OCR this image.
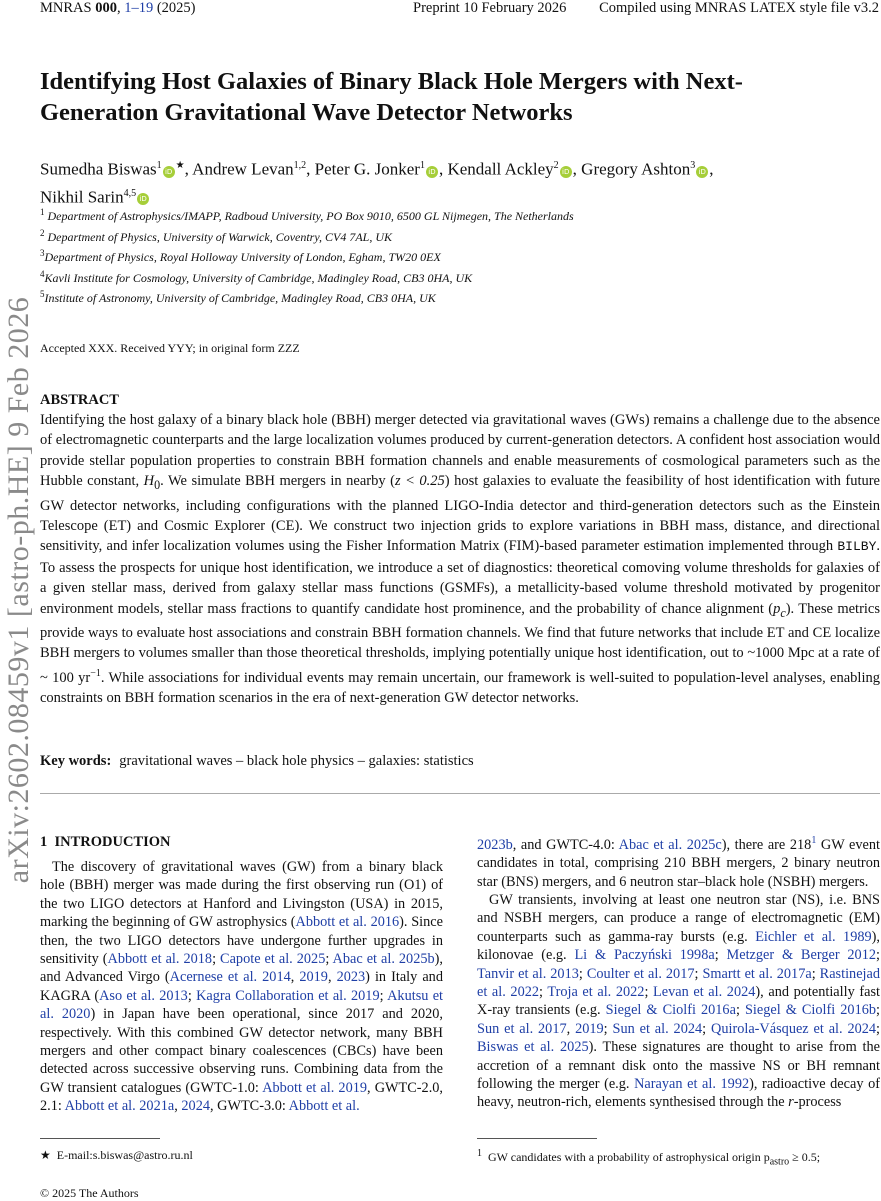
MNRAS 000, 1–19 (2025)	Preprint 10 February 2026 Compiled using MNRAS LATEX style file v3.2
arXiv:2602.08459v1 [astro-ph.HE] 9 Feb 2026
Identifying Host Galaxies of Binary Black Hole Mergers with Next-Generation Gravitational Wave Detector Networks
Sumedha Biswas$^1$iD★, Andrew Levan$^{1,2}$, Peter G. Jonker$^1$iD , Kendall Ackley$^2$iD , Gregory Ashton$^3$iD ,
Nikhil Sarin$^{4,5}$iD
$^1$ Department of Astrophysics/IMAPP, Radboud University, PO Box 9010, 6500 GL Nijmegen, The Netherlands
$^2$ Department of Physics, University of Warwick, Coventry, CV4 7AL, UK
$^3$Department of Physics, Royal Holloway University of London, Egham, TW20 0EX
$^4$Kavli Institute for Cosmology, University of Cambridge, Madingley Road, CB3 0HA, UK
$^5$Institute of Astronomy, University of Cambridge, Madingley Road, CB3 0HA, UK
Accepted XXX. Received YYY; in original form ZZZ
ABSTRACT

Identifying the host galaxy of a binary black hole (BBH) merger detected via gravitational waves (GWs) remains a challenge due to the absence of electromagnetic counterparts and the large localization volumes produced by current-generation detectors. A confident host association would provide stellar population properties to constrain BBH formation channels and enable measurements of cosmological parameters such as the Hubble constant, $H_0$. We simulate BBH mergers in nearby (z < 0.25) host galaxies to evaluate the feasibility of host identification with future GW detector networks, including configurations with the planned LIGO-India detector and third-generation detectors such as the Einstein Telescope (ET) and Cosmic Explorer (CE). We construct two injection grids to explore variations in BBH mass, distance, and directional sensitivity, and infer localization volumes using the Fisher Information Matrix (FIM)-based parameter estimation implemented through BILBY. To assess the prospects for unique host identification, we introduce a set of diagnostics: theoretical comoving volume thresholds for galaxies of a given stellar mass, derived from galaxy stellar mass functions (GSMFs), a metallicity-based volume threshold motivated by progenitor environment models, stellar mass fractions to quantify candidate host prominence, and the probability of chance alignment $(p_c)$. These metrics provide ways to evaluate host associations and constrain BBH formation channels. We find that future networks that include ET and CE localize BBH mergers to volumes smaller than those theoretical thresholds, implying potentially unique host identification, out to ~1000 Mpc at a rate of ~ 100 $yr^{-1}$. While associations for individual events may remain uncertain, our framework is well-suited to population-level analyses, enabling constraints on BBH formation scenarios in the era of next-generation GW detector networks.

Key words: gravitational waves – black hole physics – galaxies: statistics
1 INTRODUCTION

The discovery of gravitational waves (GW) from a binary black hole (BBH) merger was made during the first observing run (O1) of the two LIGO detectors at Hanford and Livingston (USA) in 2015, marking the beginning of GW astrophysics (Abbott et al. 2016). Since then, the two LIGO detectors have undergone further upgrades in sensitivity (Abbott et al. 2018; Capote et al. 2025; Abac et al. 2025b), and Advanced Virgo (Acernese et al. 2014, 2019, 2023) in Italy and KAGRA (Aso et al. 2013; Kagra Collaboration et al. 2019; Akutsu et al. 2020) in Japan have been operational, since 2017 and 2020, respectively. With this combined GW detector network, many BBH mergers and other compact binary coalescences (CBCs) have been detected across successive observing runs. Combining data from the GW transient catalogues (GWTC-1.0: Abbott et al. 2019, GWTC-2.0, 2.1: Abbott et al. 2021a, 2024, GWTC-3.0: Abbott et al.

2023b, and GWTC-4.0: Abac et al. 2025c), there are $218^1$ GW event candidates in total, comprising 210 BBH mergers, 2 binary neutron star (BNS) mergers, and 6 neutron star–black hole (NSBH) mergers.

GW transients, involving at least one neutron star (NS), i.e. BNS and NSBH mergers, can produce a range of electromagnetic (EM) counterparts such as gamma-ray bursts (e.g. Eichler et al. 1989), kilonovae (e.g. Li & Paczyński 1998a; Metzger & Berger 2012; Tanvir et al. 2013; Coulter et al. 2017; Smartt et al. 2017a; Rastinejad et al. 2022; Troja et al. 2022; Levan et al. 2024), and potentially fast X-ray transients (e.g. Siegel & Ciolfi 2016a; Siegel & Ciolfi 2016b; Sun et al. 2017, 2019; Sun et al. 2024; Quirola-Vásquez et al. 2024; Biswas et al. 2025). These signatures are thought to arise from the accretion of a remnant disk onto the massive NS or BH remnant following the merger (e.g. Narayan et al. 1992), radioactive decay of heavy, neutron-rich, elements synthesised through the r-process

★ E-mail:s.biswas@astro.ru.nl	$^1$ GW candidates with a probability of astrophysical origin $p_{astro} \ge 0.5$;
© 2025 The Authors
